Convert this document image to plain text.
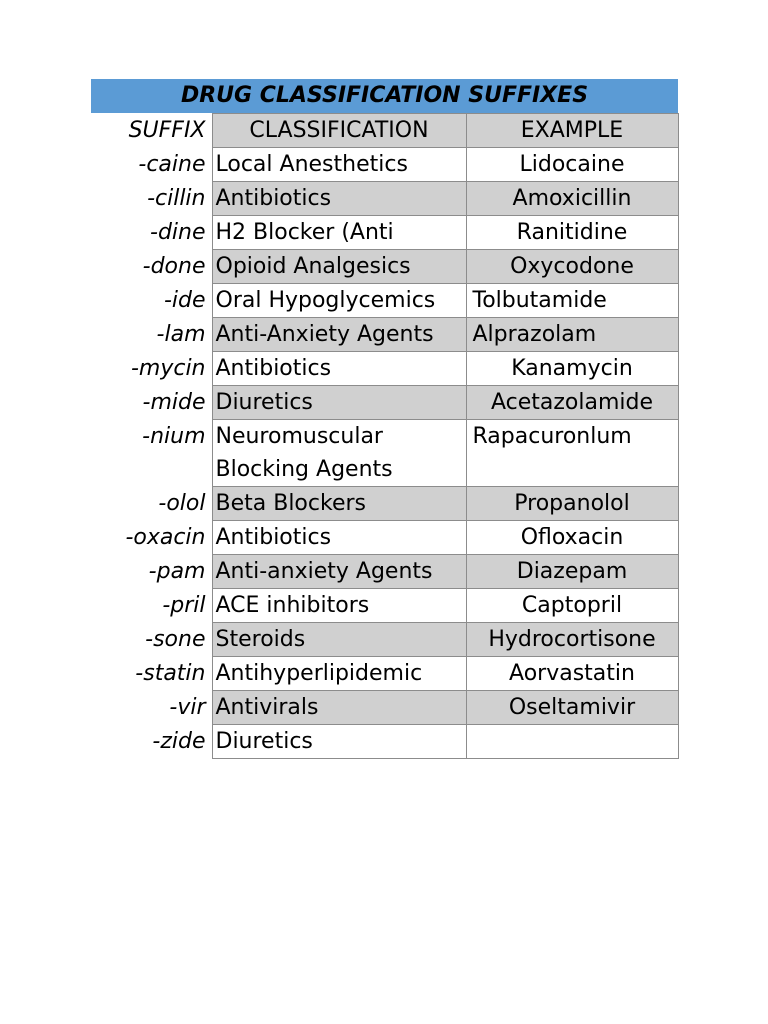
DRUG CLASSIFICATION SUFFIXES
SUFFIX	CLASSIFICATION	EXAMPLE
-caine	Local Anesthetics	Lidocaine
-cillin	Antibiotics	Amoxicillin
-dine	H2 Blocker (Anti	Ranitidine
-done	Opioid Analgesics	Oxycodone
-ide	Oral Hypoglycemics	Tolbutamide
-lam	Anti-Anxiety Agents	Alprazolam
-mycin	Antibiotics	Kanamycin
-mide	Diuretics	Acetazolamide
-nium	Neuromuscular Blocking Agents	Rapacuronlum
-olol	Beta Blockers	Propanolol
-oxacin	Antibiotics	Ofloxacin
-pam	Anti-anxiety Agents	Diazepam
-pril	ACE inhibitors	Captopril
-sone	Steroids	Hydrocortisone
-statin	Antihyperlipidemic	Aorvastatin
-vir	Antivirals	Oseltamivir
-zide	Diuretics	
